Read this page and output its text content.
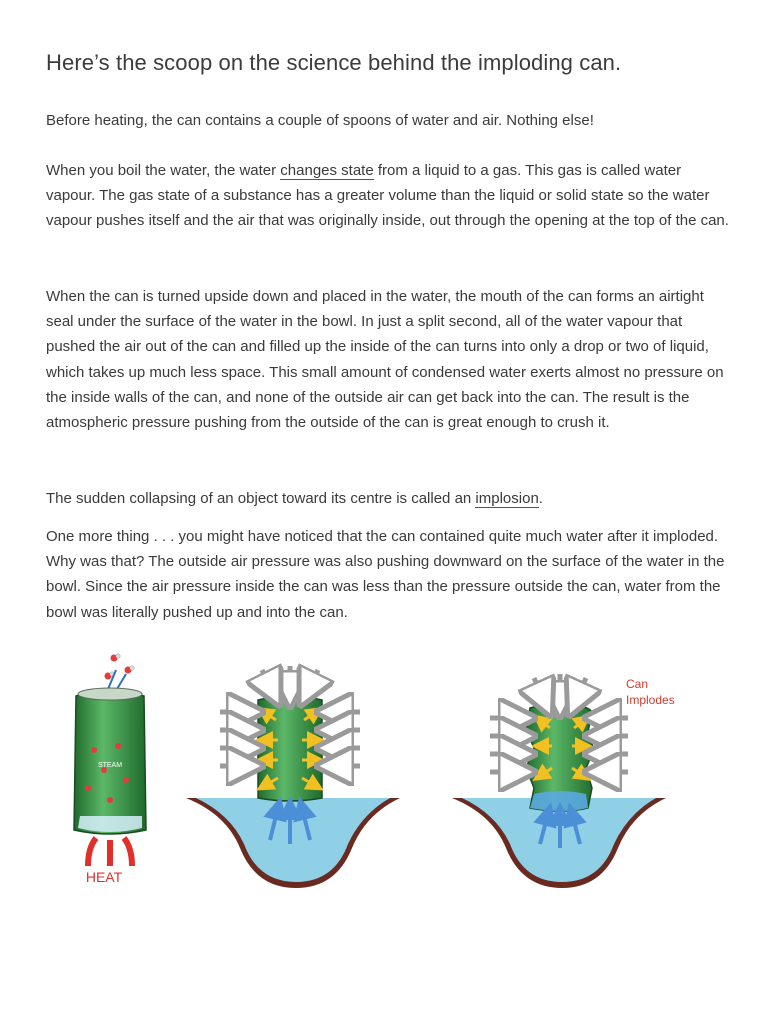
Here’s the scoop on the science behind the imploding can.

Before heating, the can contains a couple of spoons of water and air. Nothing else!

When you boil the water, the water changes state from a liquid to a gas. This gas is called water vapour. The gas state of a substance has a greater volume than the liquid or solid state so the water vapour pushes itself and the air that was originally inside, out through the opening at the top of the can.

When the can is turned upside down and placed in the water, the mouth of the can forms an airtight seal under the surface of the water in the bowl. In just a split second, all of the water vapour that pushed the air out of the can and filled up the inside of the can turns into only a drop or two of liquid, which takes up much less space. This small amount of condensed water exerts almost no pressure on the inside walls of the can, and none of the outside air can get back into the can. The result is the atmospheric pressure pushing from the outside of the can is great enough to crush it.

The sudden collapsing of an object toward its centre is called an implosion.

One more thing . . . you might have noticed that the can contained quite much water after it imploded. Why was that? The outside air pressure was also pushing downward on the surface of the water in the bowl. Since the air pressure inside the can was less than the pressure outside the can, water from the bowl was literally pushed up and into the can.

STEAM
HEAT
Can
Implodes
